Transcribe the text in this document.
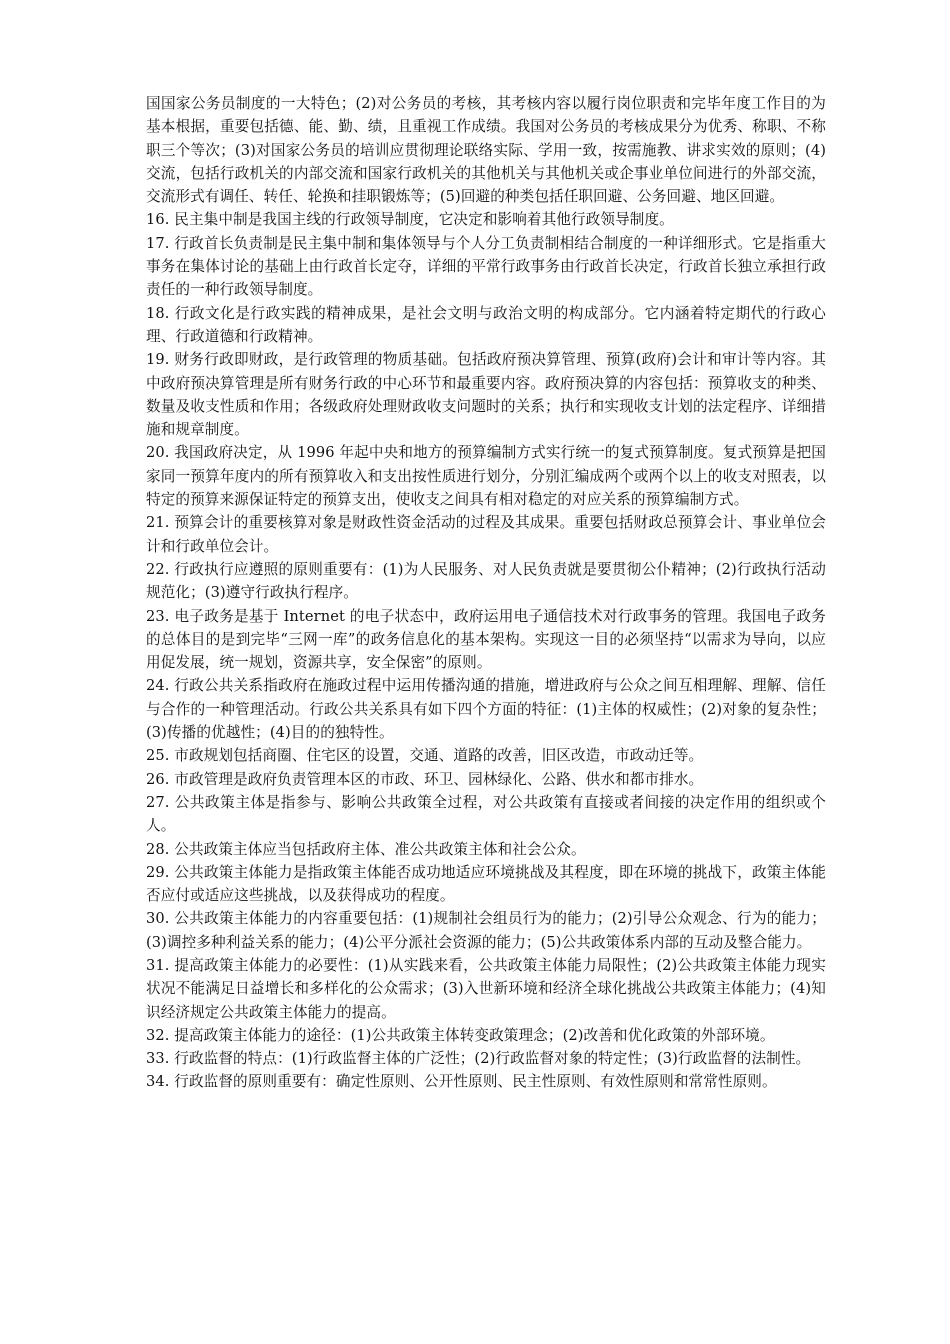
国国家公务员制度的一大特色；(2)对公务员的考核，其考核内容以履行岗位职责和完毕年度工作目的为基本根据，重要包括德、能、勤、绩，且重视工作成绩。我国对公务员的考核成果分为优秀、称职、不称职三个等次；(3)对国家公务员的培训应贯彻理论联络实际、学用一致，按需施教、讲求实效的原则；(4)交流，包括行政机关的内部交流和国家行政机关的其他机关与其他机关或企事业单位间进行的外部交流，交流形式有调任、转任、轮换和挂职锻炼等；(5)回避的种类包括任职回避、公务回避、地区回避。

16. 民主集中制是我国主线的行政领导制度，它决定和影响着其他行政领导制度。

17. 行政首长负责制是民主集中制和集体领导与个人分工负责制相结合制度的一种详细形式。它是指重大事务在集体讨论的基础上由行政首长定夺，详细的平常行政事务由行政首长决定，行政首长独立承担行政责任的一种行政领导制度。

18. 行政文化是行政实践的精神成果，是社会文明与政治文明的构成部分。它内涵着特定期代的行政心理、行政道德和行政精神。

19. 财务行政即财政，是行政管理的物质基础。包括政府预决算管理、预算(政府)会计和审计等内容。其中政府预决算管理是所有财务行政的中心环节和最重要内容。政府预决算的内容包括：预算收支的种类、数量及收支性质和作用；各级政府处理财政收支问题时的关系；执行和实现收支计划的法定程序、详细措施和规章制度。

20. 我国政府决定，从 1996 年起中央和地方的预算编制方式实行统一的复式预算制度。复式预算是把国家同一预算年度内的所有预算收入和支出按性质进行划分，分别汇编成两个或两个以上的收支对照表，以特定的预算来源保证特定的预算支出，使收支之间具有相对稳定的对应关系的预算编制方式。

21. 预算会计的重要核算对象是财政性资金活动的过程及其成果。重要包括财政总预算会计、事业单位会计和行政单位会计。

22. 行政执行应遵照的原则重要有：(1)为人民服务、对人民负责就是要贯彻公仆精神；(2)行政执行活动规范化；(3)遵守行政执行程序。

23. 电子政务是基于 Internet 的电子状态中，政府运用电子通信技术对行政事务的管理。我国电子政务的总体目的是到完毕“三网一库”的政务信息化的基本架构。实现这一目的必须坚持“以需求为导向，以应用促发展，统一规划，资源共享，安全保密”的原则。

24. 行政公共关系指政府在施政过程中运用传播沟通的措施，增进政府与公众之间互相理解、理解、信任与合作的一种管理活动。行政公共关系具有如下四个方面的特征：(1)主体的权威性；(2)对象的复杂性；(3)传播的优越性；(4)目的的独特性。

25. 市政规划包括商圈、住宅区的设置，交通、道路的改善，旧区改造，市政动迁等。

26. 市政管理是政府负责管理本区的市政、环卫、园林绿化、公路、供水和都市排水。

27. 公共政策主体是指参与、影响公共政策全过程，对公共政策有直接或者间接的决定作用的组织或个人。

28. 公共政策主体应当包括政府主体、准公共政策主体和社会公众。

29. 公共政策主体能力是指政策主体能否成功地适应环境挑战及其程度，即在环境的挑战下，政策主体能否应付或适应这些挑战，以及获得成功的程度。

30. 公共政策主体能力的内容重要包括：(1)规制社会组员行为的能力；(2)引导公众观念、行为的能力；(3)调控多种利益关系的能力；(4)公平分派社会资源的能力；(5)公共政策体系内部的互动及整合能力。

31. 提高政策主体能力的必要性：(1)从实践来看，公共政策主体能力局限性；(2)公共政策主体能力现实状况不能满足日益增长和多样化的公众需求；(3)入世新环境和经济全球化挑战公共政策主体能力；(4)知识经济规定公共政策主体能力的提高。

32. 提高政策主体能力的途径：(1)公共政策主体转变政策理念；(2)改善和优化政策的外部环境。

33. 行政监督的特点：(1)行政监督主体的广泛性；(2)行政监督对象的特定性；(3)行政监督的法制性。

34. 行政监督的原则重要有：确定性原则、公开性原则、民主性原则、有效性原则和常常性原则。
